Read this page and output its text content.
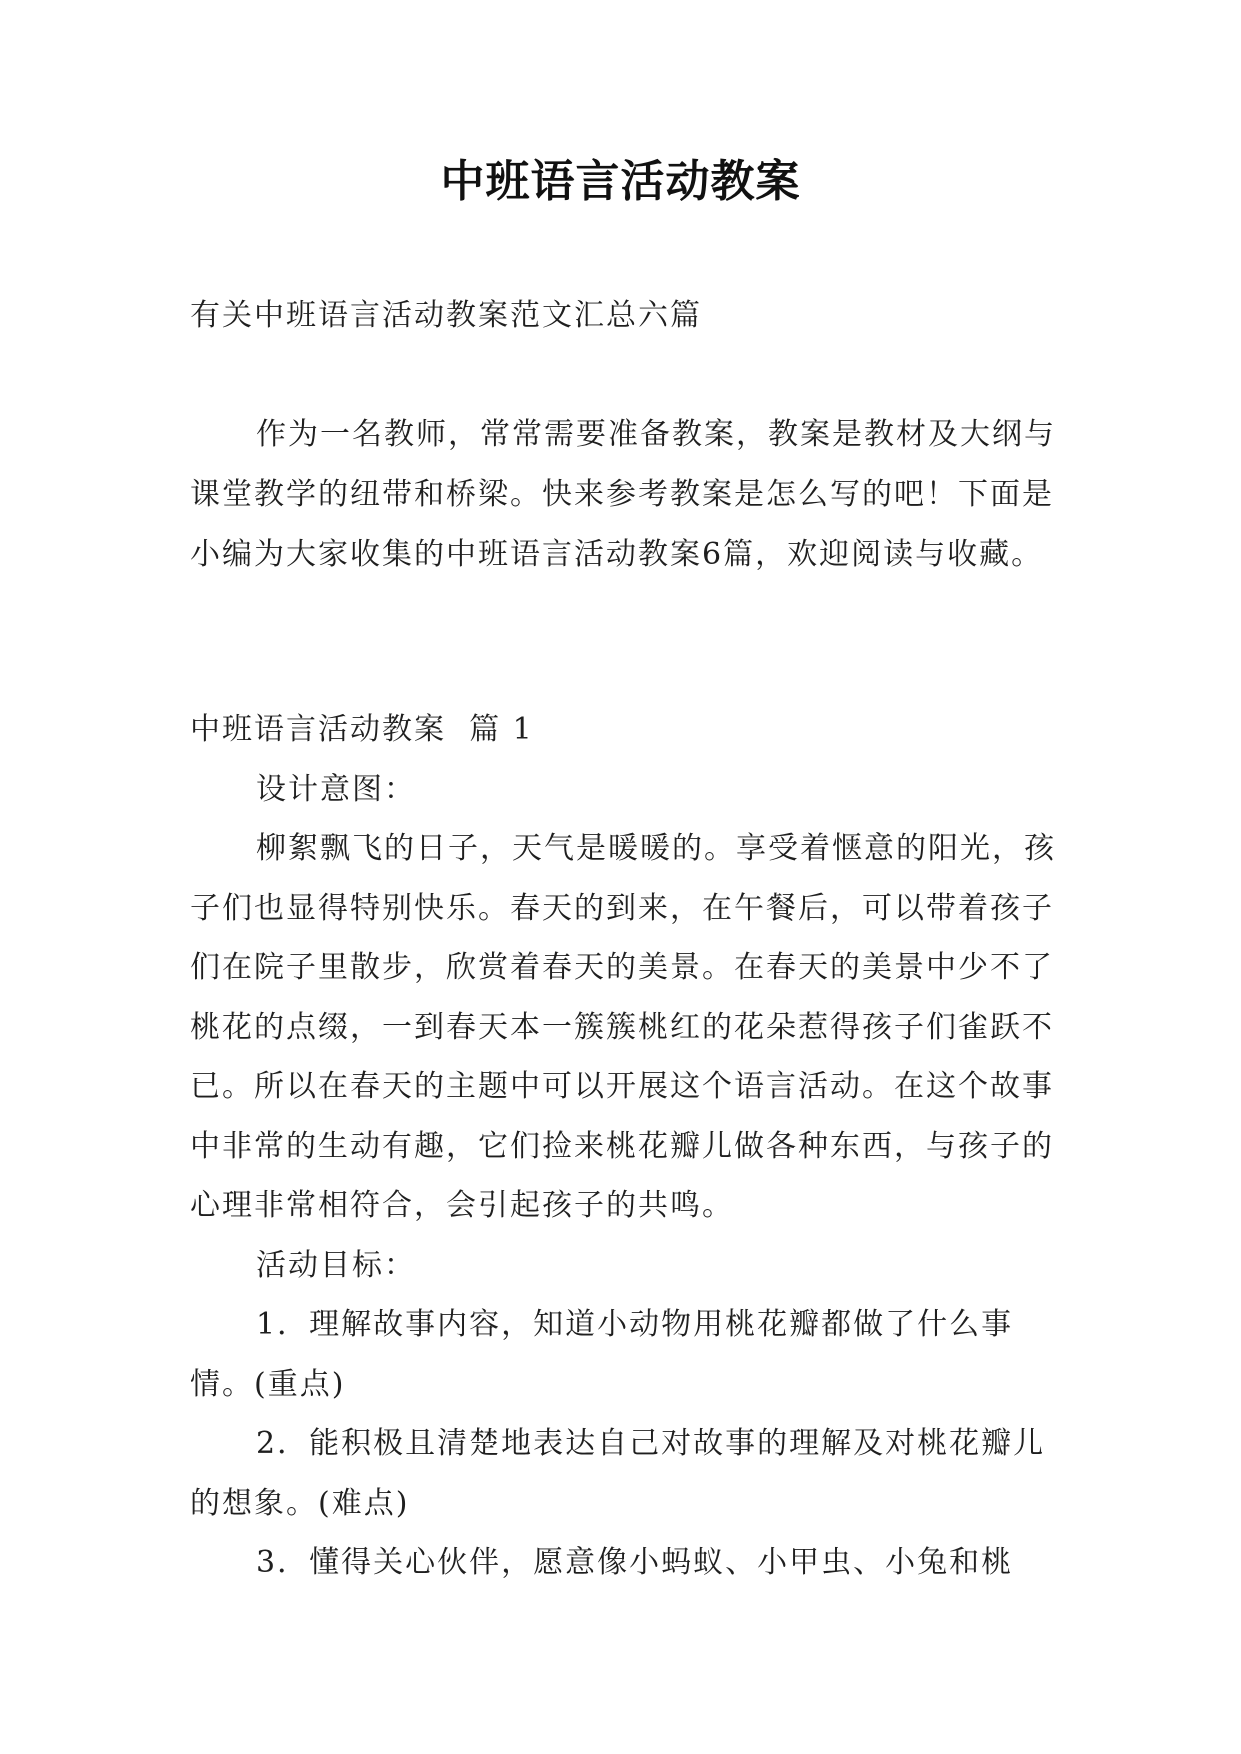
中班语言活动教案
有关中班语言活动教案范文汇总六篇
作为一名教师，常常需要准备教案，教案是教材及大纲与课堂教学的纽带和桥梁。快来参考教案是怎么写的吧！下面是小编为大家收集的中班语言活动教案6篇，欢迎阅读与收藏。
中班语言活动教案  篇 1
设计意图：
柳絮飘飞的日子，天气是暖暖的。享受着惬意的阳光，孩子们也显得特别快乐。春天的到来，在午餐后，可以带着孩子们在院子里散步，欣赏着春天的美景。在春天的美景中少不了桃花的点缀，一到春天本一簇簇桃红的花朵惹得孩子们雀跃不已。所以在春天的主题中可以开展这个语言活动。在这个故事中非常的生动有趣，它们捡来桃花瓣儿做各种东西，与孩子的心理非常相符合，会引起孩子的共鸣。
活动目标：
1．理解故事内容，知道小动物用桃花瓣都做了什么事情。(重点)
2．能积极且清楚地表达自己对故事的理解及对桃花瓣儿的想象。(难点)
3．懂得关心伙伴，愿意像小蚂蚁、小甲虫、小兔和桃
